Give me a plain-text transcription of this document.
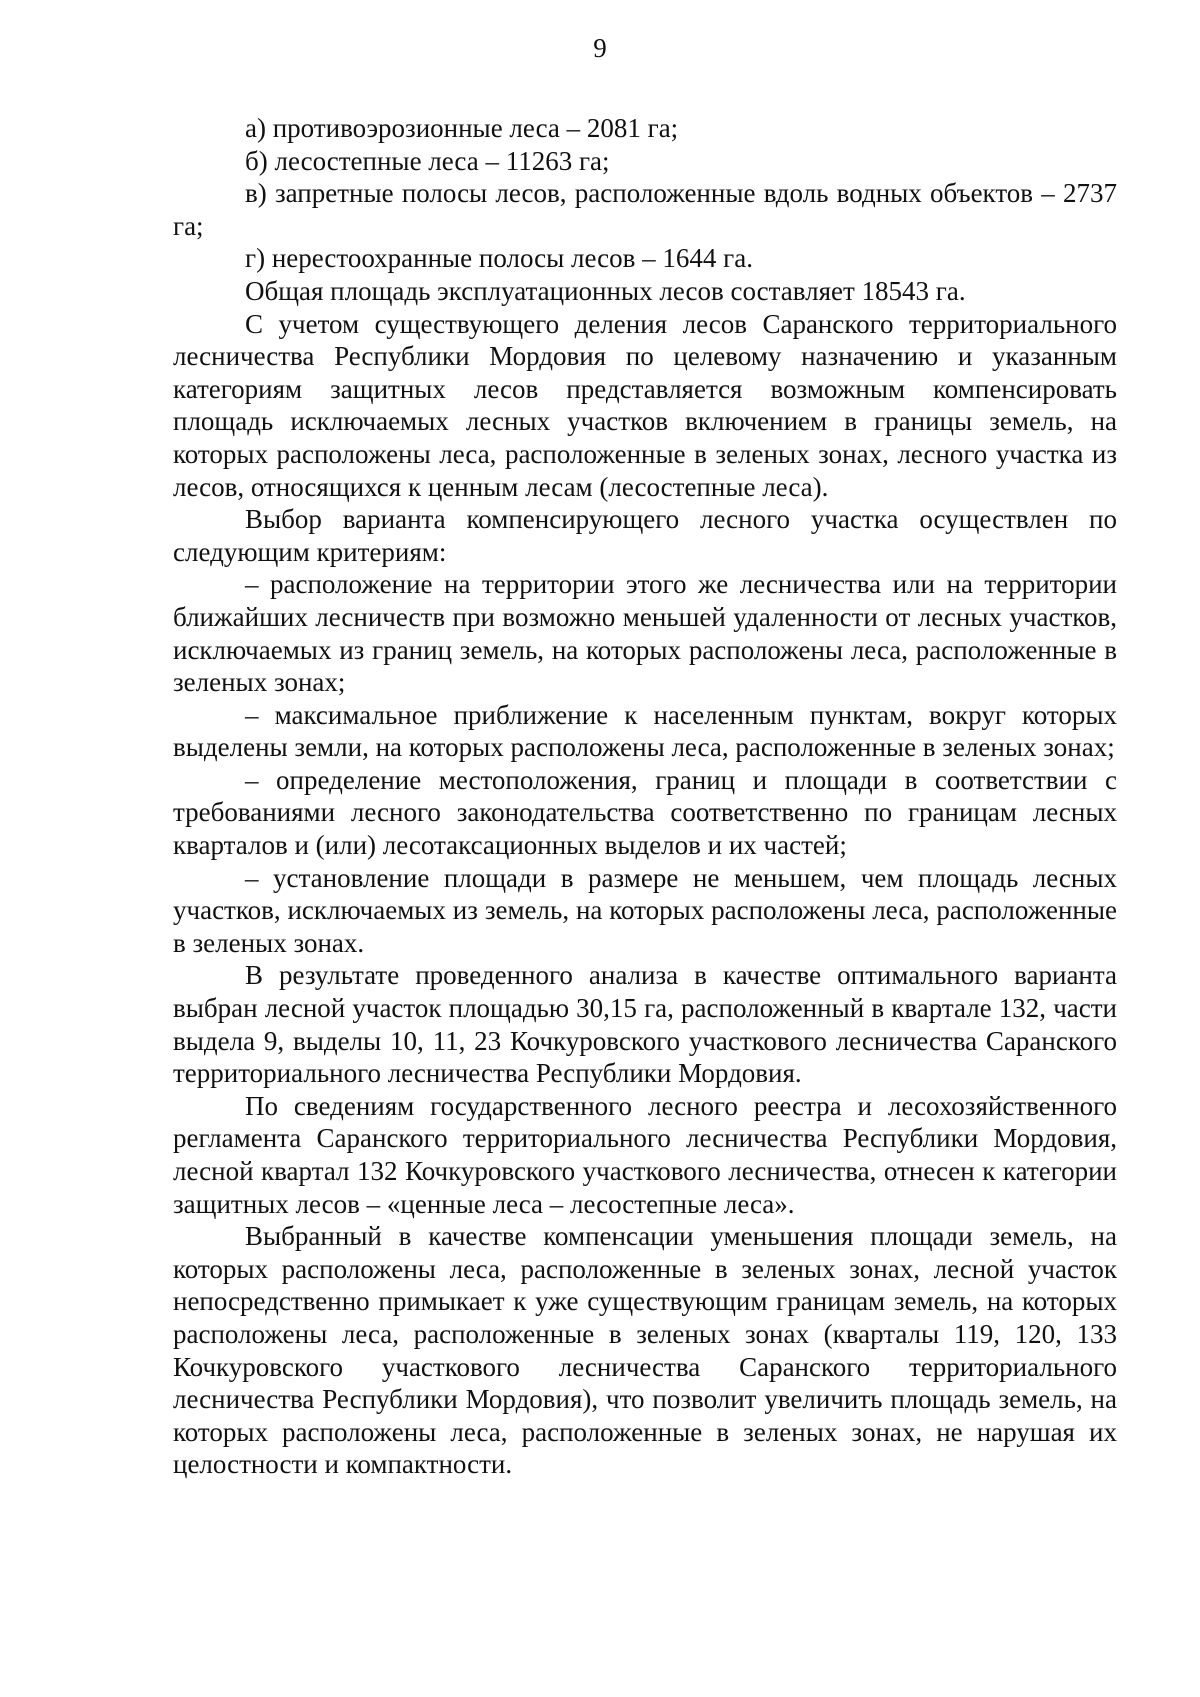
9

а) противоэрозионные леса – 2081 га;

б) лесостепные леса – 11263 га;

в) запретные полосы лесов, расположенные вдоль водных объектов – 2737 га;

г) нерестоохранные полосы лесов – 1644 га.

Общая площадь эксплуатационных лесов составляет 18543 га.

С учетом существующего деления лесов Саранского территориального лесничества Республики Мордовия по целевому назначению и указанным категориям защитных лесов представляется возможным компенсировать площадь исключаемых лесных участков включением в границы земель, на которых расположены леса, расположенные в зеленых зонах, лесного участка из лесов, относящихся к ценным лесам (лесостепные леса).

Выбор варианта компенсирующего лесного участка осуществлен по следующим критериям:

– расположение на территории этого же лесничества или на территории ближайших лесничеств при возможно меньшей удаленности от лесных участков, исключаемых из границ земель, на которых расположены леса, расположенные в зеленых зонах;

– максимальное приближение к населенным пунктам, вокруг которых выделены земли, на которых расположены леса, расположенные в зеленых зонах;

– определение местоположения, границ и площади в соответствии с требованиями лесного законодательства соответственно по границам лесных кварталов и (или) лесотаксационных выделов и их частей;

– установление площади в размере не меньшем, чем площадь лесных участков, исключаемых из земель, на которых расположены леса, расположенные в зеленых зонах.

В результате проведенного анализа в качестве оптимального варианта выбран лесной участок площадью 30,15 га, расположенный в квартале 132, части выдела 9, выделы 10, 11, 23 Кочкуровского участкового лесничества Саранского территориального лесничества Республики Мордовия.

По сведениям государственного лесного реестра и лесохозяйственного регламента Саранского территориального лесничества Республики Мордовия, лесной квартал 132 Кочкуровского участкового лесничества, отнесен к категории защитных лесов – «ценные леса – лесостепные леса».

Выбранный в качестве компенсации уменьшения площади земель, на которых расположены леса, расположенные в зеленых зонах, лесной участок непосредственно примыкает к уже существующим границам земель, на которых расположены леса, расположенные в зеленых зонах (кварталы 119, 120, 133 Кочкуровского участкового лесничества Саранского территориального лесничества Республики Мордовия), что позволит увеличить площадь земель, на которых расположены леса, расположенные в зеленых зонах, не нарушая их целостности и компактности.
